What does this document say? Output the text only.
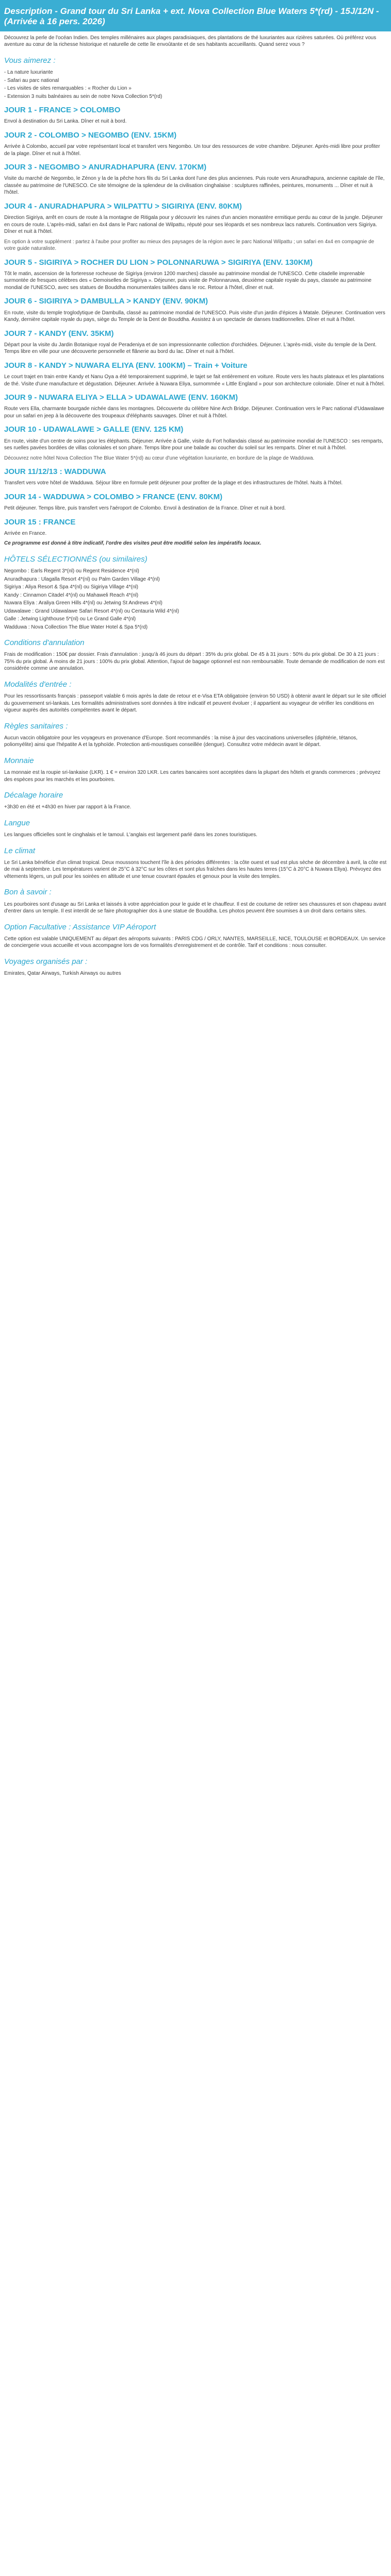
Description - Grand tour du Sri Lanka + ext. Nova Collection Blue Waters 5*(rd) - 15J/12N - (Arrivée à 16 pers. 2026)

Découvrez la perle de l'océan Indien. Des temples millénaires aux plages paradisiaques, des plantations de thé luxuriantes aux rizières saturées. Où préférez vous aventure au cœur de la richesse historique et naturelle de cette île envoûtante et de ses habitants accueillants. Quand serez vous ?

Vous aimerez :
- La nature luxuriante
- Safari au parc national
- Les visites de sites remarquables : « Rocher du Lion »
- Extension 3 nuits balnéaires au sein de notre Nova Collection 5*(rd)
JOUR 1 - FRANCE > COLOMBO

Envol à destination du Sri Lanka. Dîner et nuit à bord.

JOUR 2 - COLOMBO > NEGOMBO (ENV. 15KM)

Arrivée à Colombo, accueil par votre représentant local et transfert vers Negombo. Un tour des ressources de votre chambre. Déjeuner. Après-midi libre pour profiter de la plage. Dîner et nuit à l'hôtel.

JOUR 3 - NEGOMBO > ANURADHAPURA (ENV. 170KM)

Visite du marché de Negombo, le Zénon y la de la pêche hors fils du Sri Lanka dont l'une des plus anciennes. Puis route vers Anuradhapura, ancienne capitale de l'île, classée au patrimoine de l'UNESCO. Ce site témoigne de la splendeur de la civilisation cinghalaise : sculptures raffinées, peintures, monuments ... Dîner et nuit à l'hôtel.

JOUR 4 - ANURADHAPURA > WILPATTU > SIGIRIYA (ENV. 80KM)

Direction Sigiriya, arrêt en cours de route à la montagne de Ritigala pour y découvrir les ruines d'un ancien monastère ermitique perdu au cœur de la jungle. Déjeuner en cours de route. L'après-midi, safari en 4x4 dans le Parc national de Wilpattu, réputé pour ses léopards et ses nombreux lacs naturels. Continuation vers Sigiriya. Dîner et nuit à l'hôtel.

En option à votre supplément : partez à l'aube pour profiter au mieux des paysages de la région avec le parc National Wilpattu ; un safari en 4x4 en compagnie de votre guide naturaliste.

JOUR 5 - SIGIRIYA > ROCHER DU LION > POLONNARUWA > SIGIRIYA (ENV. 130KM)

Tôt le matin, ascension de la forteresse rocheuse de Sigiriya (environ 1200 marches) classée au patrimoine mondial de l'UNESCO. Cette citadelle imprenable surmontée de fresques célèbres des « Demoiselles de Sigiriya ». Déjeuner, puis visite de Polonnaruwa, deuxième capitale royale du pays, classée au patrimoine mondial de l'UNESCO, avec ses statues de Bouddha monumentales taillées dans le roc. Retour à l'hôtel, dîner et nuit.

JOUR 6 - SIGIRIYA > DAMBULLA > KANDY (ENV. 90KM)

En route, visite du temple troglodytique de Dambulla, classé au patrimoine mondial de l'UNESCO. Puis visite d'un jardin d'épices à Matale. Déjeuner. Continuation vers Kandy, dernière capitale royale du pays, siège du Temple de la Dent de Bouddha. Assistez à un spectacle de danses traditionnelles. Dîner et nuit à l'hôtel.

JOUR 7 - KANDY (ENV. 35KM)

Départ pour la visite du Jardin Botanique royal de Peradeniya et de son impressionnante collection d'orchidées. Déjeuner. L'après-midi, visite du temple de la Dent. Temps libre en ville pour une découverte personnelle et flânerie au bord du lac. Dîner et nuit à l'hôtel.

JOUR 8 - KANDY > NUWARA ELIYA (ENV. 100KM) – Train + Voiture

Le court trajet en train entre Kandy et Nanu Oya a été temporairement supprimé, le tajet se fait entièrement en voiture. Route vers les hauts plateaux et les plantations de thé. Visite d'une manufacture et dégustation. Déjeuner. Arrivée à Nuwara Eliya, surnommée « Little England » pour son architecture coloniale. Dîner et nuit à l'hôtel.

JOUR 9 - NUWARA ELIYA > ELLA > UDAWALAWE (ENV. 160KM)

Route vers Ella, charmante bourgade nichée dans les montagnes. Découverte du célèbre Nine Arch Bridge. Déjeuner. Continuation vers le Parc national d'Udawalawe pour un safari en jeep à la découverte des troupeaux d'éléphants sauvages. Dîner et nuit à l'hôtel.

JOUR 10 - UDAWALAWE > GALLE (ENV. 125 KM)

En route, visite d'un centre de soins pour les éléphants. Déjeuner. Arrivée à Galle, visite du Fort hollandais classé au patrimoine mondial de l'UNESCO : ses remparts, ses ruelles pavées bordées de villas coloniales et son phare. Temps libre pour une balade au coucher du soleil sur les remparts. Dîner et nuit à l'hôtel.

Découvrez notre hôtel Nova Collection The Blue Water 5*(rd) au cœur d'une végétation luxuriante, en bordure de la plage de Wadduwa.

JOUR 11/12/13 : WADDUWA

Transfert vers votre hôtel de Wadduwa. Séjour libre en formule petit déjeuner pour profiter de la plage et des infrastructures de l'hôtel. Nuits à l'hôtel.

JOUR 14 - WADDUWA > COLOMBO > FRANCE (ENV. 80KM)

Petit déjeuner. Temps libre, puis transfert vers l'aéroport de Colombo. Envol à destination de la France. Dîner et nuit à bord.

JOUR 15 : FRANCE

Arrivée en France.

Ce programme est donné à titre indicatif, l'ordre des visites peut être modifié selon les impératifs locaux.

HÔTELS SÉLECTIONNÉS (ou similaires)
Negombo : Earls Regent 3*(nl) ou Regent Residence 4*(nl)
Anuradhapura : Ulagalla Resort 4*(nl) ou Palm Garden Village 4*(nl)
Sigiriya : Aliya Resort & Spa 4*(nl) ou Sigiriya Village 4*(nl)
Kandy : Cinnamon Citadel 4*(nl) ou Mahaweli Reach 4*(nl)
Nuwara Eliya : Araliya Green Hills 4*(nl) ou Jetwing St Andrews 4*(nl)
Udawalawe : Grand Udawalawe Safari Resort 4*(nl) ou Centauria Wild 4*(nl)
Galle : Jetwing Lighthouse 5*(nl) ou Le Grand Galle 4*(nl)
Wadduwa : Nova Collection The Blue Water Hotel & Spa 5*(rd)
Conditions d'annulation

Frais de modification : 150€ par dossier. Frais d'annulation : jusqu'à 46 jours du départ : 35% du prix global. De 45 à 31 jours : 50% du prix global. De 30 à 21 jours : 75% du prix global. À moins de 21 jours : 100% du prix global. Attention, l'ajout de bagage optionnel est non remboursable. Toute demande de modification de nom est considérée comme une annulation.

Modalités d'entrée :

Pour les ressortissants français : passeport valable 6 mois après la date de retour et e-Visa ETA obligatoire (environ 50 USD) à obtenir avant le départ sur le site officiel du gouvernement sri-lankais. Les formalités administratives sont données à titre indicatif et peuvent évoluer ; il appartient au voyageur de vérifier les conditions en vigueur auprès des autorités compétentes avant le départ.

Règles sanitaires :

Aucun vaccin obligatoire pour les voyageurs en provenance d'Europe. Sont recommandés : la mise à jour des vaccinations universelles (diphtérie, tétanos, poliomyélite) ainsi que l'hépatite A et la typhoïde. Protection anti-moustiques conseillée (dengue). Consultez votre médecin avant le départ.

Monnaie

La monnaie est la roupie sri-lankaise (LKR). 1 € = environ 320 LKR. Les cartes bancaires sont acceptées dans la plupart des hôtels et grands commerces ; prévoyez des espèces pour les marchés et les pourboires.

Décalage horaire

+3h30 en été et +4h30 en hiver par rapport à la France.

Langue

Les langues officielles sont le cinghalais et le tamoul. L'anglais est largement parlé dans les zones touristiques.

Le climat

Le Sri Lanka bénéficie d'un climat tropical. Deux moussons touchent l'île à des périodes différentes : la côte ouest et sud est plus sèche de décembre à avril, la côte est de mai à septembre. Les températures varient de 25°C à 32°C sur les côtes et sont plus fraîches dans les hautes terres (15°C à 20°C à Nuwara Eliya). Prévoyez des vêtements légers, un pull pour les soirées en altitude et une tenue couvrant épaules et genoux pour la visite des temples.

Bon à savoir :

Les pourboires sont d'usage au Sri Lanka et laissés à votre appréciation pour le guide et le chauffeur. Il est de coutume de retirer ses chaussures et son chapeau avant d'entrer dans un temple. Il est interdit de se faire photographier dos à une statue de Bouddha. Les photos peuvent être soumises à un droit dans certains sites.

Option Facultative : Assistance VIP Aéroport

Cette option est valable UNIQUEMENT au départ des aéroports suivants : PARIS CDG / ORLY, NANTES, MARSEILLE, NICE, TOULOUSE et BORDEAUX. Un service de conciergerie vous accueille et vous accompagne lors de vos formalités d'enregistrement et de contrôle. Tarif et conditions : nous consulter.

Voyages organisés par :

Emirates, Qatar Airways, Turkish Airways ou autres
